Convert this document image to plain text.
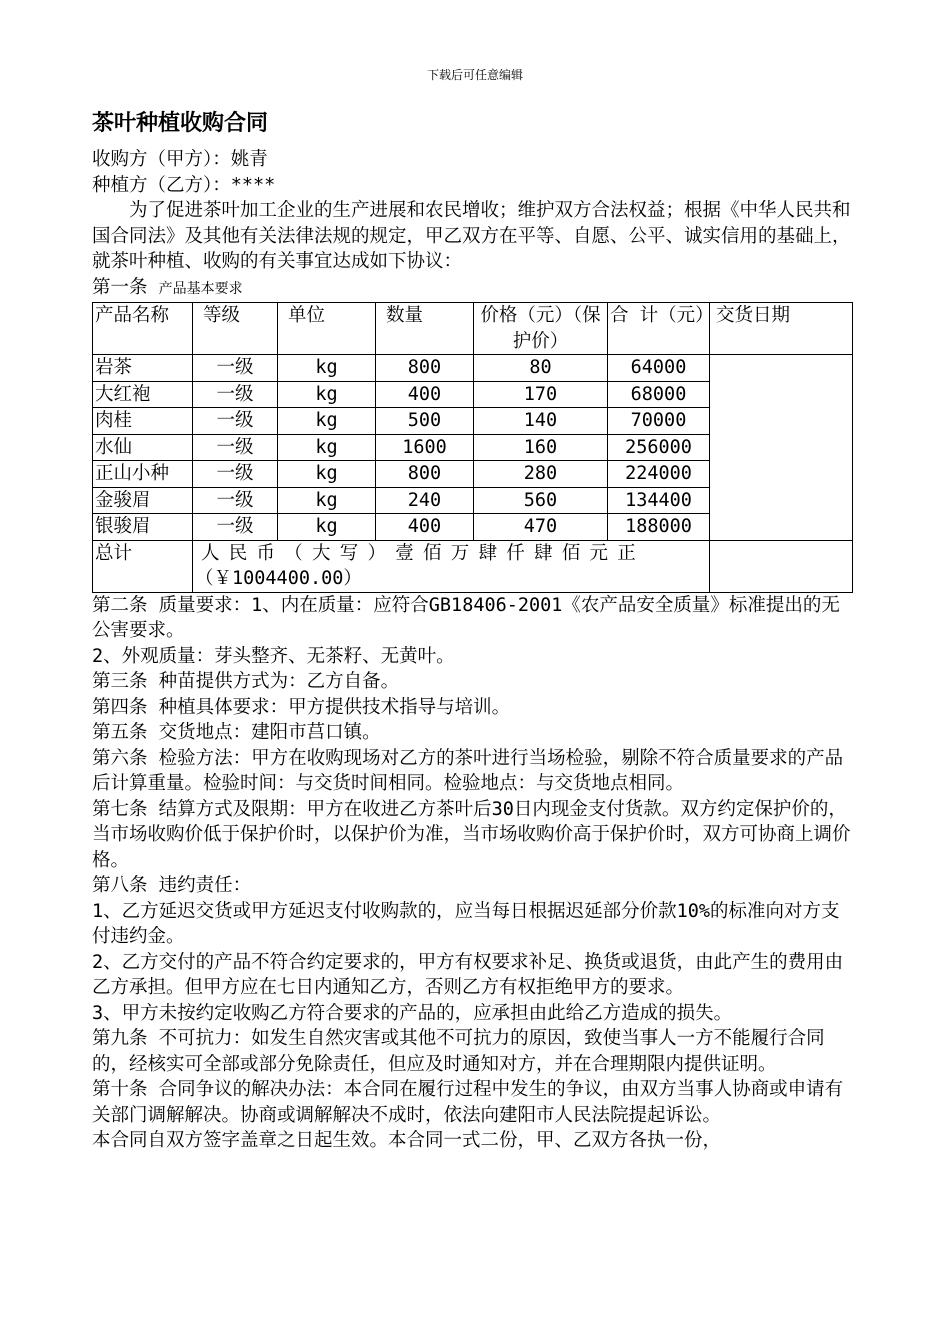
下载后可任意编辑
茶叶种植收购合同

收购方（甲方）：姚青

种植方（乙方）：****

为了促进茶叶加工企业的生产进展和农民增收；维护双方合法权益；根据《中华人民共和国合同法》及其他有关法律法规的规定，甲乙双方在平等、自愿、公平、诚实信用的基础上，就茶叶种植、收购的有关事宜达成如下协议：

第一条 产品基本要求

产品名称	等级	单位	数量	价格（元）（保护价）	合 计（元）	交货日期
岩茶	一级	kg	800	80	64000	
大红袍	一级	kg	400	170	68000	
肉桂	一级	kg	500	140	70000	
水仙	一级	kg	1600	160	256000	
正山小种	一级	kg	800	280	224000	
金骏眉	一级	kg	240	560	134400	
银骏眉	一级	kg	400	470	188000	
总计	人民币（大写）壹佰万肆仟肆佰元正
（￥1004400.00）					

第二条 质量要求：1、内在质量：应符合GB18406-2001《农产品安全质量》标准提出的无公害要求。

2、外观质量：芽头整齐、无茶籽、无黄叶。

第三条 种苗提供方式为：乙方自备。

第四条 种植具体要求：甲方提供技术指导与培训。

第五条 交货地点：建阳市莒口镇。

第六条 检验方法：甲方在收购现场对乙方的茶叶进行当场检验，剔除不符合质量要求的产品后计算重量。检验时间：与交货时间相同。检验地点：与交货地点相同。

第七条 结算方式及限期：甲方在收进乙方茶叶后30日内现金支付货款。双方约定保护价的，当市场收购价低于保护价时，以保护价为准，当市场收购价高于保护价时，双方可协商上调价格。

第八条 违约责任：

1、乙方延迟交货或甲方延迟支付收购款的，应当每日根据迟延部分价款10%的标准向对方支付违约金。

2、乙方交付的产品不符合约定要求的，甲方有权要求补足、换货或退货，由此产生的费用由乙方承担。但甲方应在七日内通知乙方，否则乙方有权拒绝甲方的要求。

3、甲方未按约定收购乙方符合要求的产品的，应承担由此给乙方造成的损失。

第九条 不可抗力：如发生自然灾害或其他不可抗力的原因，致使当事人一方不能履行合同的，经核实可全部或部分免除责任，但应及时通知对方，并在合理期限内提供证明。

第十条 合同争议的解决办法：本合同在履行过程中发生的争议，由双方当事人协商或申请有关部门调解解决。协商或调解解决不成时，依法向建阳市人民法院提起诉讼。

本合同自双方签字盖章之日起生效。本合同一式二份，甲、乙双方各执一份，
